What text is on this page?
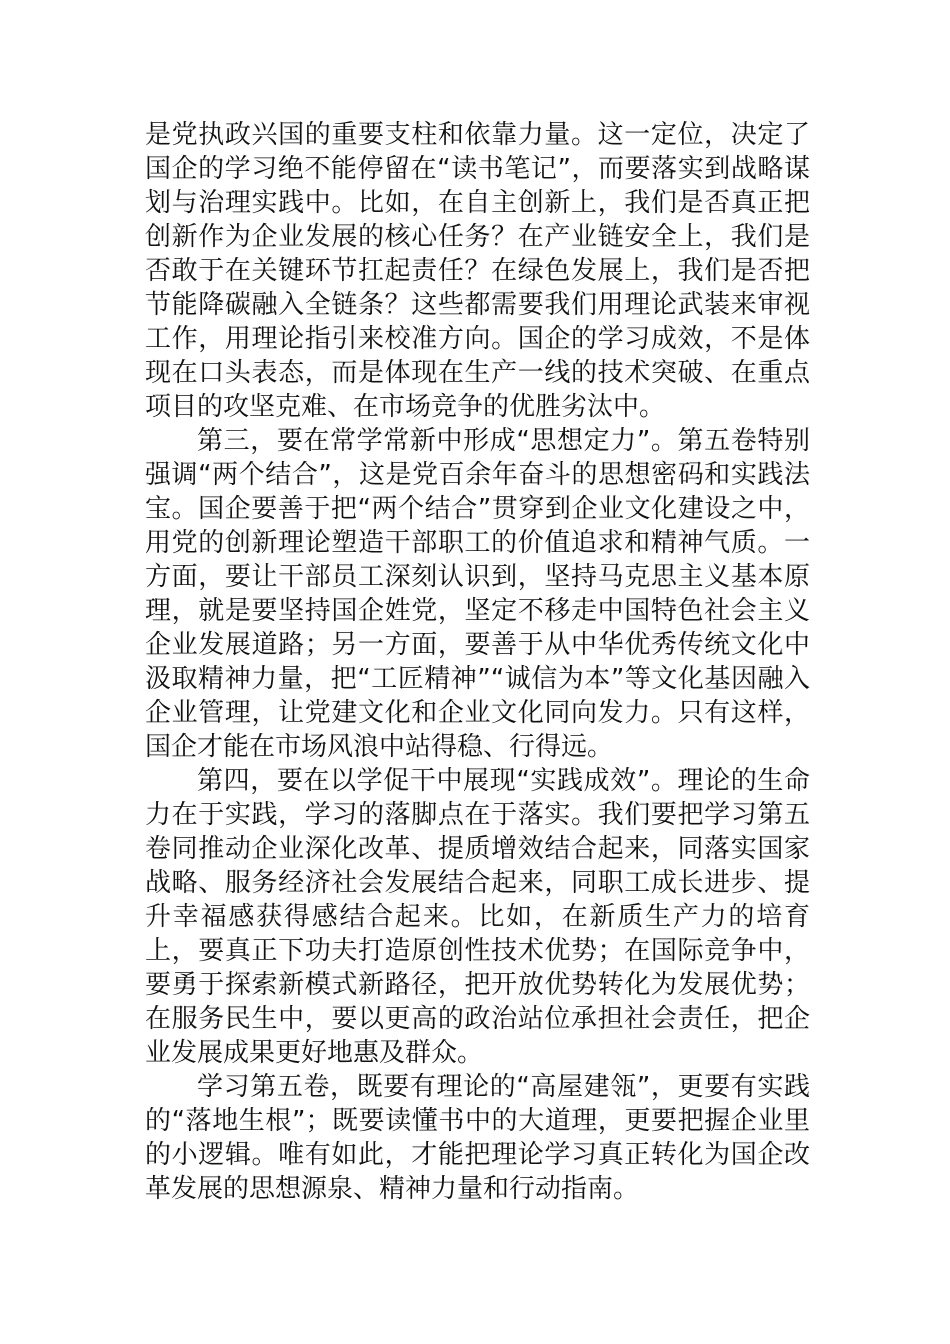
是党执政兴国的重要支柱和依靠力量。这一定位，决定了国企的学习绝不能停留在“读书笔记”，而要落实到战略谋划与治理实践中。比如，在自主创新上，我们是否真正把创新作为企业发展的核心任务？在产业链安全上，我们是否敢于在关键环节扛起责任？在绿色发展上，我们是否把节能降碳融入全链条？这些都需要我们用理论武装来审视工作，用理论指引来校准方向。国企的学习成效，不是体现在口头表态，而是体现在生产一线的技术突破、在重点项目的攻坚克难、在市场竞争的优胜劣汰中。

第三，要在常学常新中形成“思想定力”。第五卷特别强调“两个结合”，这是党百余年奋斗的思想密码和实践法宝。国企要善于把“两个结合”贯穿到企业文化建设之中，用党的创新理论塑造干部职工的价值追求和精神气质。一方面，要让干部员工深刻认识到，坚持马克思主义基本原理，就是要坚持国企姓党，坚定不移走中国特色社会主义企业发展道路；另一方面，要善于从中华优秀传统文化中汲取精神力量，把“工匠精神”“诚信为本”等文化基因融入企业管理，让党建文化和企业文化同向发力。只有这样，国企才能在市场风浪中站得稳、行得远。

第四，要在以学促干中展现“实践成效”。理论的生命力在于实践，学习的落脚点在于落实。我们要把学习第五卷同推动企业深化改革、提质增效结合起来，同落实国家战略、服务经济社会发展结合起来，同职工成长进步、提升幸福感获得感结合起来。比如，在新质生产力的培育上，要真正下功夫打造原创性技术优势；在国际竞争中，要勇于探索新模式新路径，把开放优势转化为发展优势；在服务民生中，要以更高的政治站位承担社会责任，把企业发展成果更好地惠及群众。

学习第五卷，既要有理论的“高屋建瓴”，更要有实践的“落地生根”；既要读懂书中的大道理，更要把握企业里的小逻辑。唯有如此，才能把理论学习真正转化为国企改革发展的思想源泉、精神力量和行动指南。
